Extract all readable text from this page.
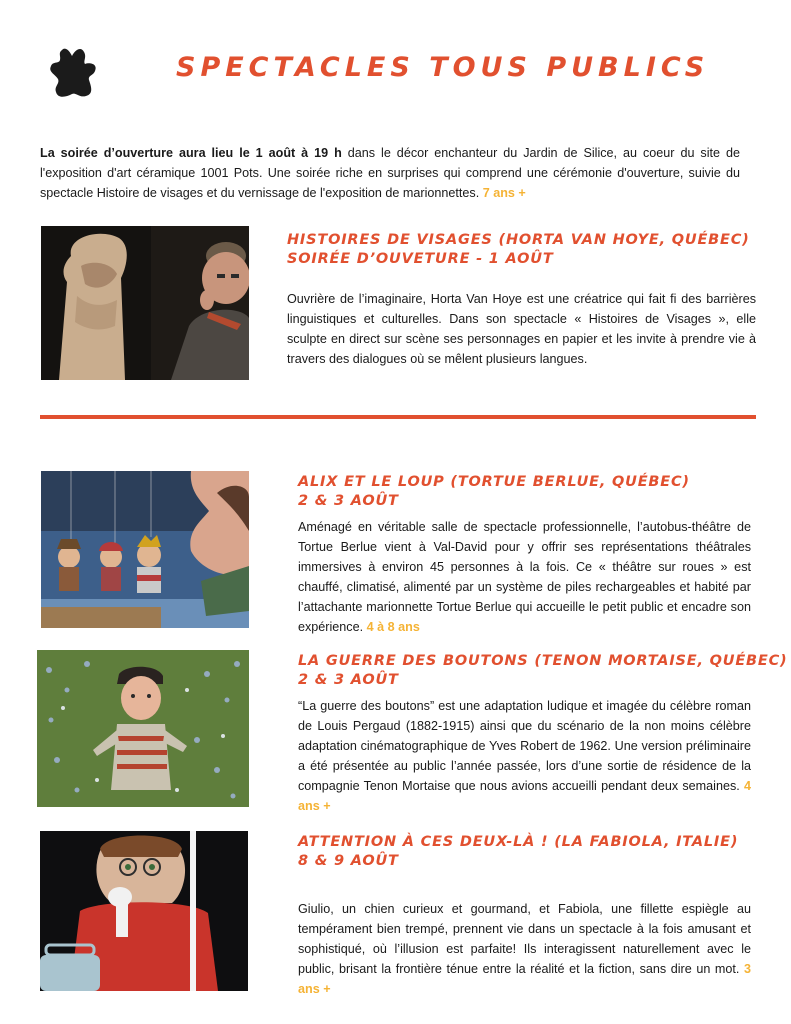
SPECTACLES TOUS PUBLICS

La soirée d’ouverture aura lieu le 1 août à 19 h dans le décor enchanteur du Jardin de Silice, au coeur du site de l'exposition d'art céramique 1001 Pots. Une soirée riche en surprises qui comprend une cérémonie d'ouverture, suivie du spectacle Histoire de visages et du vernissage de l'exposition de marionnettes. 7 ans +

HISTOIRES DE VISAGES (HORTA VAN HOYE, QUÉBEC)
SOIRÉE D’OUVETURE - 1 AOÛT

Ouvrière de l’imaginaire, Horta Van Hoye est une créatrice qui fait fi des barrières linguistiques et culturelles. Dans son spectacle « Histoires de Visages », elle sculpte en direct sur scène ses personnages en papier et les invite à prendre vie à travers des dialogues où se mêlent plusieurs langues.

ALIX ET LE LOUP (TORTUE BERLUE, QUÉBEC)
2 & 3 AOÛT

Aménagé en véritable salle de spectacle professionnelle, l’autobus-théâtre de Tortue Berlue vient à Val-David pour y offrir ses représentations théâtrales immersives à environ 45 personnes à la fois. Ce « théâtre sur roues » est chauffé, climatisé, alimenté par un système de piles rechargeables et habité par l’attachante marionnette Tortue Berlue qui accueille le petit public et encadre son expérience. 4 à 8 ans

LA GUERRE DES BOUTONS (TENON MORTAISE, QUÉBEC)
2 & 3 AOÛT

“La guerre des boutons” est une adaptation ludique et imagée du célèbre roman de Louis Pergaud (1882-1915) ainsi que du scénario de la non moins célèbre adaptation cinématographique de Yves Robert de 1962. Une version préliminaire a été présentée au public l’année passée, lors d’une sortie de résidence de la compagnie Tenon Mortaise que nous avions accueilli pendant deux semaines. 4 ans +

ATTENTION À CES DEUX-LÀ ! (LA FABIOLA, ITALIE)
8 & 9 AOÛT

Giulio, un chien curieux et gourmand, et Fabiola, une fillette espiègle au tempérament bien trempé, prennent vie dans un spectacle à la fois amusant et sophistiqué, où l’illusion est parfaite! Ils interagissent naturellement avec le public, brisant la frontière ténue entre la réalité et la fiction, sans dire un mot. 3 ans +
